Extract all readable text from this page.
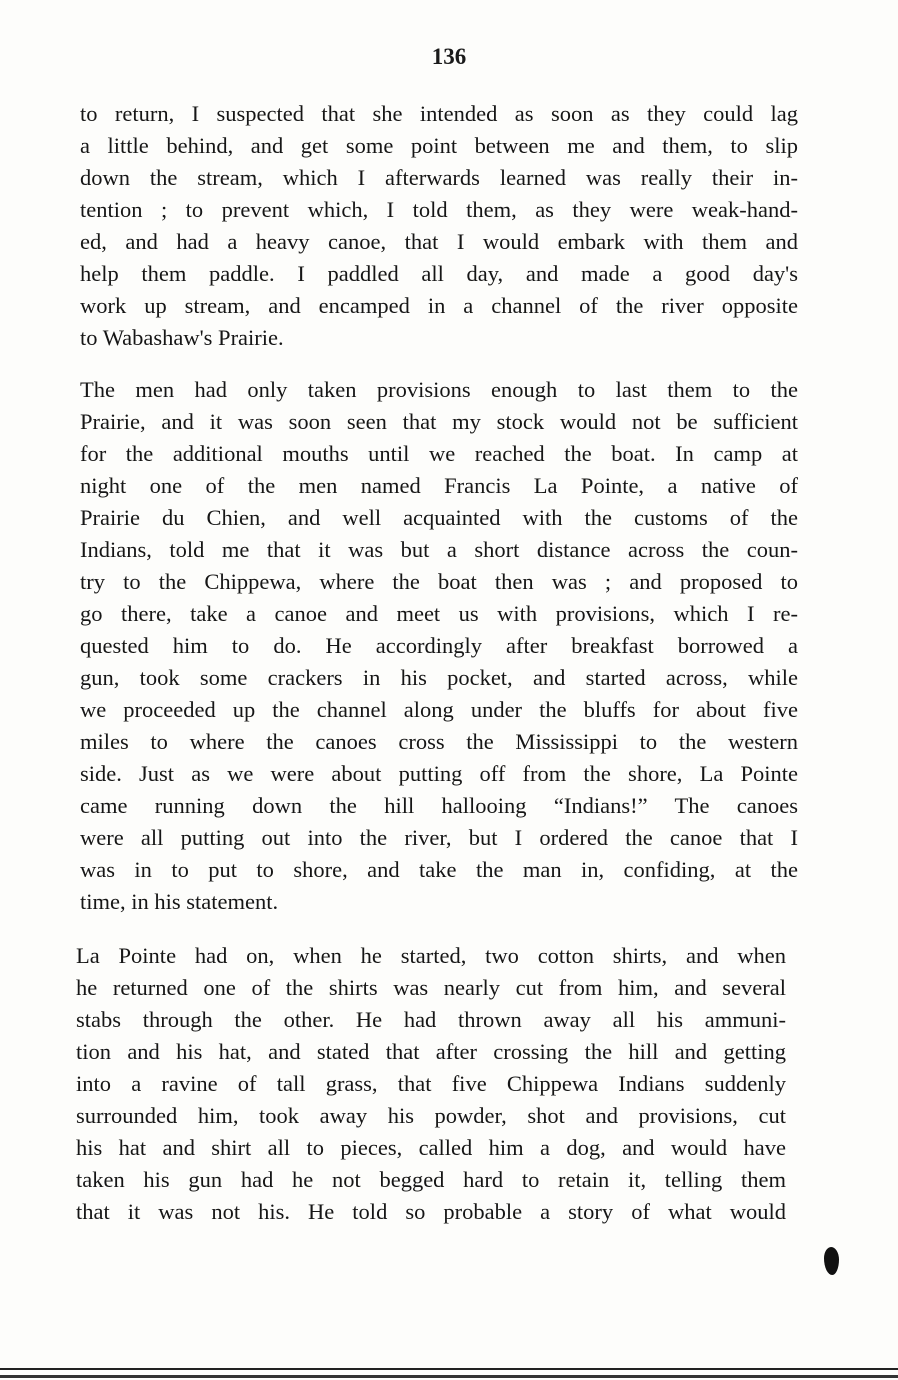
136
to return, I suspected that she intended as soon as they could lag
a little behind, and get some point between me and them, to slip
down the stream, which I afterwards learned was really their in-
tention ; to prevent which, I told them, as they were weak-hand-
ed, and had a heavy canoe, that I would embark with them and
help them paddle. I paddled all day, and made a good day's
work up stream, and encamped in a channel of the river opposite
to Wabashaw's Prairie.
The men had only taken provisions enough to last them to the
Prairie, and it was soon seen that my stock would not be sufficient
for the additional mouths until we reached the boat. In camp at
night one of the men named Francis La Pointe, a native of
Prairie du Chien, and well acquainted with the customs of the
Indians, told me that it was but a short distance across the coun-
try to the Chippewa, where the boat then was ; and proposed to
go there, take a canoe and meet us with provisions, which I re-
quested him to do. He accordingly after breakfast borrowed a
gun, took some crackers in his pocket, and started across, while
we proceeded up the channel along under the bluffs for about five
miles to where the canoes cross the Mississippi to the western
side. Just as we were about putting off from the shore, La Pointe
came running down the hill hallooing “Indians!” The canoes
were all putting out into the river, but I ordered the canoe that I
was in to put to shore, and take the man in, confiding, at the
time, in his statement.
La Pointe had on, when he started, two cotton shirts, and when
he returned one of the shirts was nearly cut from him, and several
stabs through the other. He had thrown away all his ammuni-
tion and his hat, and stated that after crossing the hill and getting
into a ravine of tall grass, that five Chippewa Indians suddenly
surrounded him, took away his powder, shot and provisions, cut
his hat and shirt all to pieces, called him a dog, and would have
taken his gun had he not begged hard to retain it, telling them
that it was not his. He told so probable a story of what would
